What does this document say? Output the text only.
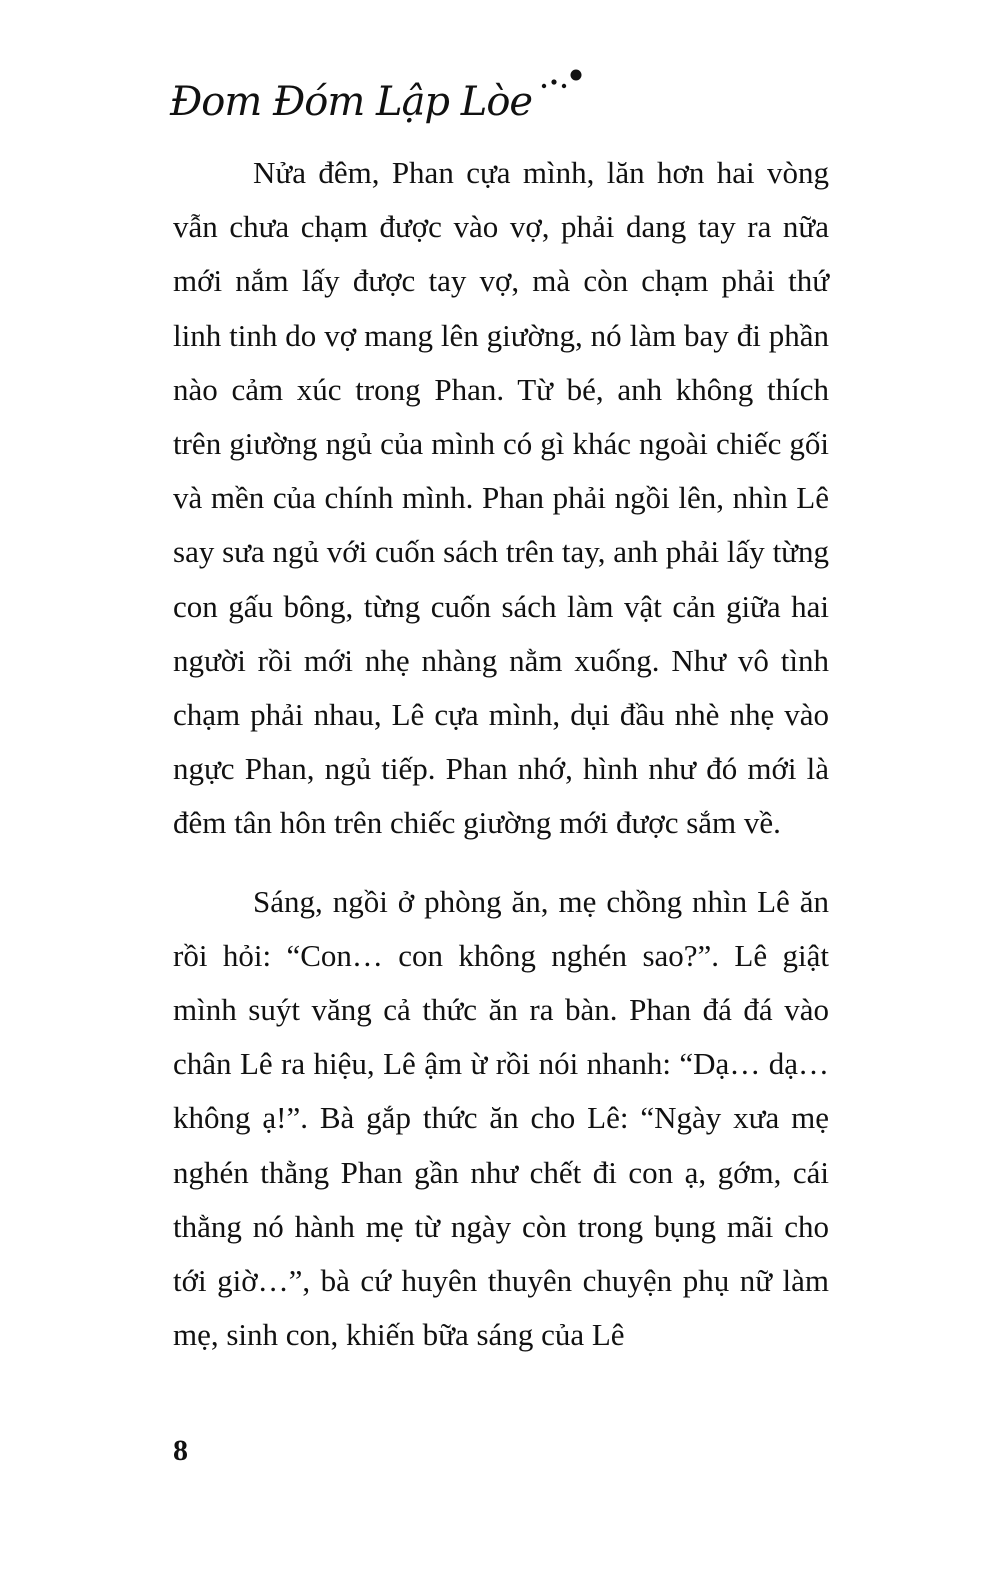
Đom Đóm Lập Lòe

Nửa đêm, Phan cựa mình, lăn hơn hai vòng vẫn chưa chạm được vào vợ, phải dang tay ra nữa mới nắm lấy được tay vợ, mà còn chạm phải thứ linh tinh do vợ mang lên giường, nó làm bay đi phần nào cảm xúc trong Phan. Từ bé, anh không thích trên giường ngủ của mình có gì khác ngoài chiếc gối và mền của chính mình. Phan phải ngồi lên, nhìn Lê say sưa ngủ với cuốn sách trên tay, anh phải lấy từng con gấu bông, từng cuốn sách làm vật cản giữa hai người rồi mới nhẹ nhàng nằm xuống. Như vô tình chạm phải nhau, Lê cựa mình, dụi đầu nhè nhẹ vào ngực Phan, ngủ tiếp. Phan nhớ, hình như đó mới là đêm tân hôn trên chiếc giường mới được sắm về.

Sáng, ngồi ở phòng ăn, mẹ chồng nhìn Lê ăn rồi hỏi: “Con… con không nghén sao?”. Lê giật mình suýt văng cả thức ăn ra bàn. Phan đá đá vào chân Lê ra hiệu, Lê ậm ừ rồi nói nhanh: “Dạ… dạ… không ạ!”. Bà gắp thức ăn cho Lê: “Ngày xưa mẹ nghén thằng Phan gần như chết đi con ạ, gớm, cái thằng nó hành mẹ từ ngày còn trong bụng mãi cho tới giờ…”, bà cứ huyên thuyên chuyện phụ nữ làm mẹ, sinh con, khiến bữa sáng của Lê

8
